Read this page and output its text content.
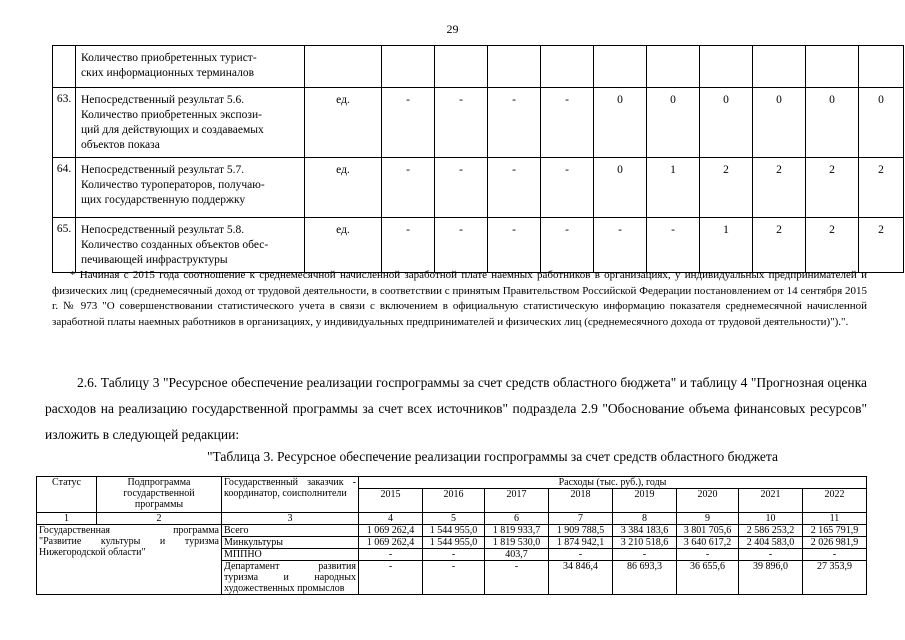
29
	Количество приобретенных турист-
ских информационных терминалов											
63.	Непосредственный результат 5.6.
Количество приобретенных экспози-
ций для действующих и создаваемых
объектов показа	ед.	-	-	-	-	0	0	0	0	0	0
64.	Непосредственный результат 5.7.
Количество туроператоров, получаю-
щих государственную поддержку	ед.	-	-	-	-	0	1	2	2	2	2
65.	Непосредственный результат 5.8.
Количество созданных объектов обес-
печивающей инфраструктуры	ед.	-	-	-	-	-	-	1	2	2	2
* Начиная с 2015 года соотношение к среднемесячной начисленной заработной плате наемных работников в организациях, у индивидуальных предпринимателей и физических лиц (среднемесячный доход от трудовой деятельности, в соответствии с принятым Правительством Российской Федерации постановлением от 14 сентября 2015 г. № 973 "О совершенствовании статистического учета в связи с включением в официальную статистическую информацию показателя среднемесячной начисленной заработной платы наемных работников в организациях, у индивидуальных предпринимателей и физических лиц (среднемесячного дохода от трудовой деятельности)").".
2.6. Таблицу 3 "Ресурсное обеспечение реализации госпрограммы за счет средств областного бюджета" и таблицу 4 "Прогнозная оценка расходов на реализацию государственной программы за счет всех источников" подраздела 2.9 "Обоснование объема финансовых ресурсов" изложить в следующей редакции:
"Таблица 3. Ресурсное обеспечение реализации госпрограммы за счет средств областного бюджета
Статус	Подпрограмма государственной программы	Государственный заказчик - координатор, соисполнители	Расходы (тыс. руб.), годы							
			2015	2016	2017	2018	2019	2020	2021	2022
1	2	3	4	5	6	7	8	9	10	11

Государственная программа
"Развитие культуры и туризма Нижегородской области"		Всего	1 069 262,4	1 544 955,0	1 819 933,7	1 909 788,5	3 384 183,6	3 801 705,6	2 586 253,2	2 165 791,9
		Минкультуры	1 069 262,4	1 544 955,0	1 819 530,0	1 874 942,1	3 210 518,6	3 640 617,2	2 404 583,0	2 026 981,9
		МППНО	-	-	403,7	-	-	-	-	-
		Департамент развития туризма и народных художественных промыслов	-	-	-	34 846,4	86 693,3	36 655,6	39 896,0	27 353,9
